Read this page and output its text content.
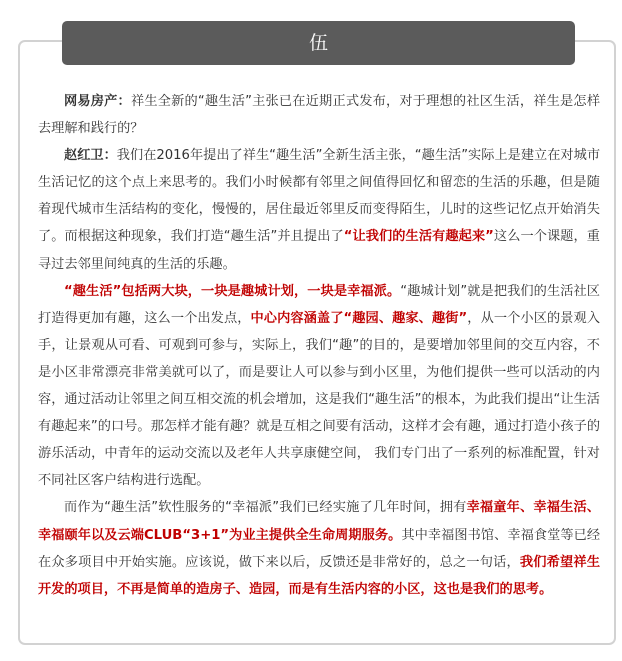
伍

网易房产：祥生全新的“趣生活”主张已在近期正式发布，对于理想的社区生活，祥生是怎样去理解和践行的？

赵红卫：我们在2016年提出了祥生“趣生活”全新生活主张，“趣生活”实际上是建立在对城市生活记忆的这个点上来思考的。我们小时候都有邻里之间值得回忆和留恋的生活的乐趣，但是随着现代城市生活结构的变化，慢慢的，居住最近邻里反而变得陌生，儿时的这些记忆点开始消失了。而根据这种现象，我们打造“趣生活”并且提出了“让我们的生活有趣起来”这么一个课题，重寻过去邻里间纯真的生活的乐趣。

“趣生活”包括两大块，一块是趣城计划，一块是幸福派。“趣城计划”就是把我们的生活社区打造得更加有趣，这么一个出发点，中心内容涵盖了“趣园、趣家、趣街”，从一个小区的景观入手，让景观从可看、可观到可参与，实际上，我们“趣”的目的，是要增加邻里间的交互内容，不是小区非常漂亮非常美就可以了，而是要让人可以参与到小区里，为他们提供一些可以活动的内容，通过活动让邻里之间互相交流的机会增加，这是我们“趣生活”的根本，为此我们提出“让生活有趣起来”的口号。那怎样才能有趣？就是互相之间要有活动，这样才会有趣，通过打造小孩子的游乐活动，中青年的运动交流以及老年人共享康健空间， 我们专门出了一系列的标准配置，针对不同社区客户结构进行选配。

而作为“趣生活”软性服务的“幸福派”我们已经实施了几年时间，拥有幸福童年、幸福生活、幸福颐年以及云端CLUB“3+1”为业主提供全生命周期服务。其中幸福图书馆、幸福食堂等已经在众多项目中开始实施。应该说，做下来以后，反馈还是非常好的，总之一句话，我们希望祥生开发的项目，不再是简单的造房子、造园，而是有生活内容的小区，这也是我们的思考。
